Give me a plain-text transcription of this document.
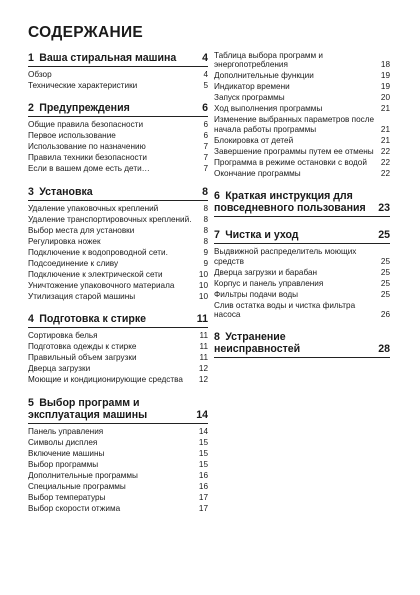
СОДЕРЖАНИЕ
1  Ваша стиральная машина	4
Обзор	4
Технические характеристики	5
2  Предупреждения	6
Общие правила безопасности	6
Первое использование	6
Использование по назначению	7
Правила техники безопасности	7
Если в вашем доме есть дети…	7
3  Установка	8
Удаление упаковочных креплений	8
Удаление транспортировочных креплений.	8
Выбор места для установки	8
Регулировка ножек	8
Подключение к водопроводной сети.	9
Подсоединение к сливу	9
Подключение к электрической сети	10
Уничтожение упаковочного материала	10
Утилизация старой машины	10
4  Подготовка к стирке	11
Сортировка белья	11
Подготовка одежды к стирке	11
Правильный объем загрузки	11
Дверца загрузки	12
Моющие и кондиционирующие средства	12
5  Выбор программ и эксплуатация машины	14
Панель управления	14
Символы дисплея	15
Включение машины	15
Выбор программы	15
Дополнительные программы	16
Специальные программы	16
Выбор температуры	17
Выбор скорости отжима	17
Таблица выбора программ и энергопотребления	18
Дополнительные функции	19
Индикатор времени	19
Запуск программы	20
Ход выполнения программы	21
Изменение выбранных параметров после начала работы программы	21
Блокировка от детей	21
Завершение программы путем ее отмены 22
Программа в режиме остановки с водой	22
Окончание программы	22
6  Краткая инструкция для повседневного пользования	23
7  Чистка и уход	25
Выдвижной распределитель моющих средств	25
Дверца загрузки и барабан	25
Корпус и панель управления	25
Фильтры подачи воды	25
Слив остатка воды и чистка фильтра насоса	26
8  Устранение неисправностей	28
